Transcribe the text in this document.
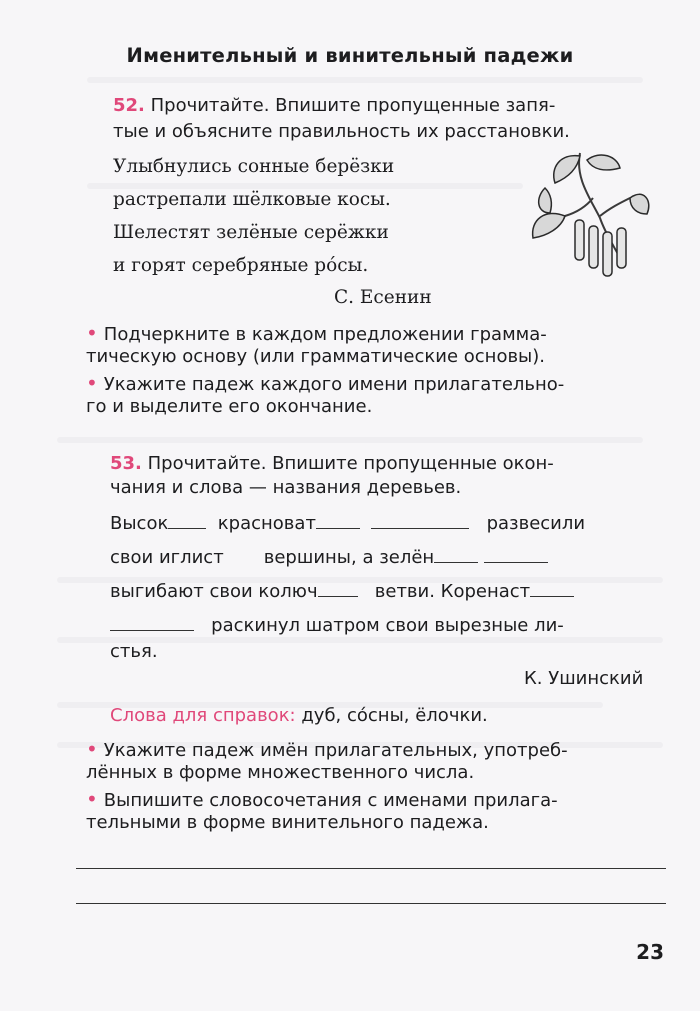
Именительный и винительный падежи
52. Прочитайте. Впишите пропущенные запя-
тые и объясните правильность их расстановки.
Улыбнулись сонные берёзки
растрепали шёлковые косы.
Шелестят зелёные серёжки
и горят серебряные ро́сы.
С. Есенин
• Подчеркните в каждом предложении граммa-
тическую основу (или грамматические основы).
• Укажите падеж каждого имени прилагательно-
го и выделите его окончание.
53. Прочитайте. Впишите пропущенные окон-
чания и слова — названия деревьев.
Высок	красноват	развесили
свои иглист вершины, а зелён
выгибают свои колюч	ветви. Коренаст
раскинул шатром свои вырезные ли-
стья.
К. Ушинский
Слова для справок: дуб, со́сны, ёлочки.
• Укажите падеж имён прилагательных, употреб-
лённых в форме множественного числа.
• Выпишите словосочетания с именами прилага-
тельными в форме винительного падежа.
23
